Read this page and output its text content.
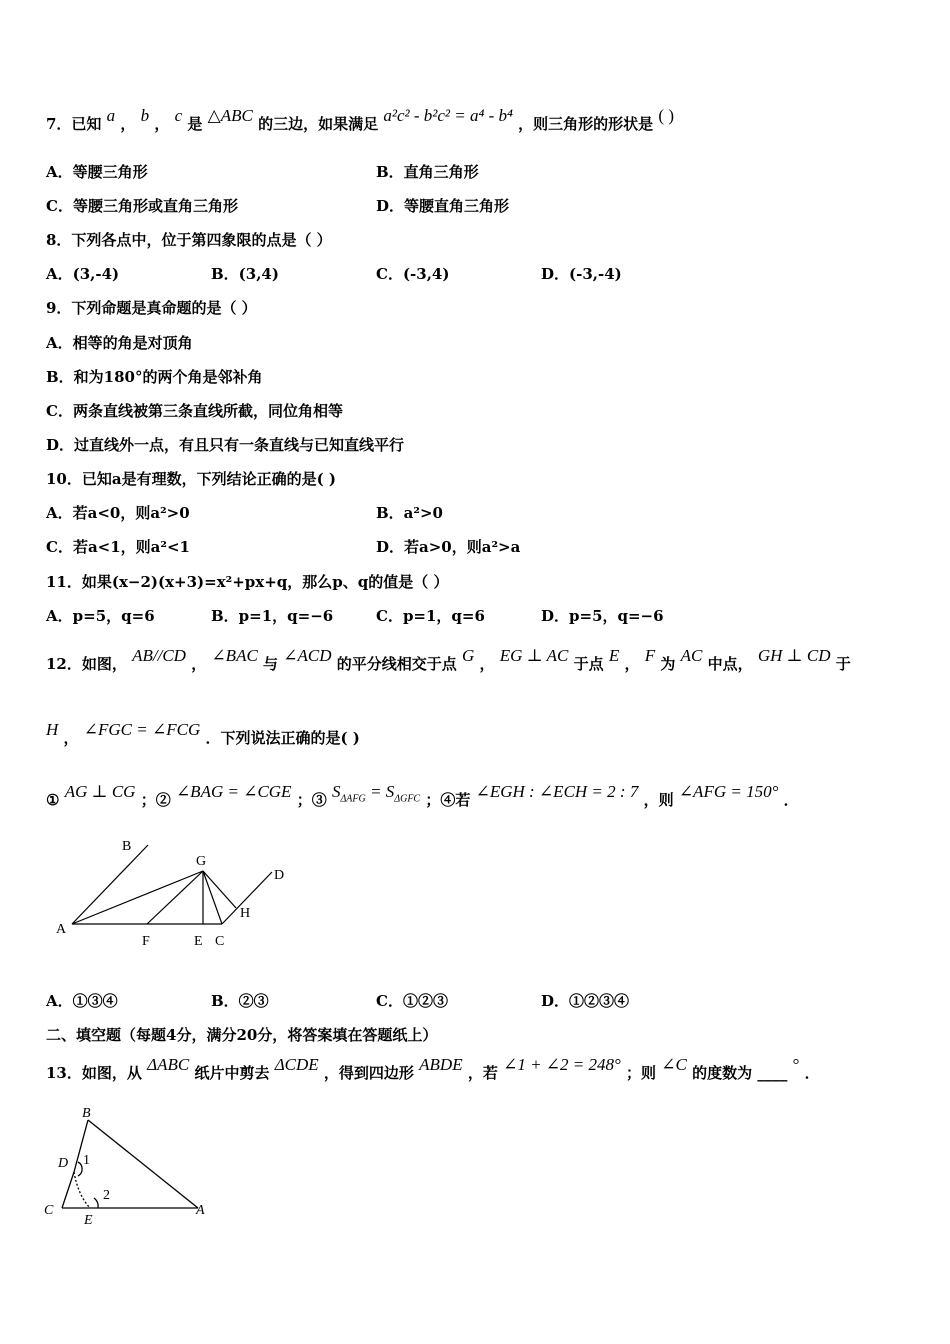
7．已知 a ， b ， c 是 △ABC 的三边，如果满足 a²c² - b²c² = a⁴ - b⁴ ，则三角形的形状是 ( )
A．等腰三角形	B．直角三角形
C．等腰三角形或直角三角形	D．等腰直角三角形
8．下列各点中，位于第四象限的点是（ ）
A．(3,-4)	B．(3,4)	C．(-3,4)	D．(-3,-4)
9．下列命题是真命题的是（ ）
A．相等的角是对顶角
B．和为180°的两个角是邻补角
C．两条直线被第三条直线所截，同位角相等
D．过直线外一点，有且只有一条直线与已知直线平行
10．已知a是有理数，下列结论正确的是( )
A．若a<0，则a²>0	B．a²>0
C．若a<1，则a²<1	D．若a>0，则a²>a
11．如果(x−2)(x+3)=x²+px+q，那么p、q的值是（ ）
A．p=5，q=6	B．p=1，q=−6	C．p=1，q=6	D．p=5，q=−6
12．如图， AB//CD ， ∠BAC 与 ∠ACD 的平分线相交于点 G ， EG ⊥ AC 于点 E ， F 为 AC 中点， GH ⊥ CD 于
H ， ∠FGC = ∠FCG ．下列说法正确的是( )
① AG ⊥ CG ；② ∠BAG = ∠CGE ；③ $S_{\Delta AFG} = S_{\Delta GFC}$ ；④若 ∠EGH : ∠ECH = 2 : 7 ，则 ∠AFG = 150° ．
B
G
D
H
A
F	E C
A．①③④	B．②③	C．①②③	D．①②③④
二、填空题（每题4分，满分20分，将答案填在答题纸上）
13．如图，从 ΔABC 纸片中剪去 ΔCDE ，得到四边形 ABDE ，若 ∠1 + ∠2 = 248° ；则 ∠C 的度数为 ____ ° ．
B
D 1
2
C
E
A
